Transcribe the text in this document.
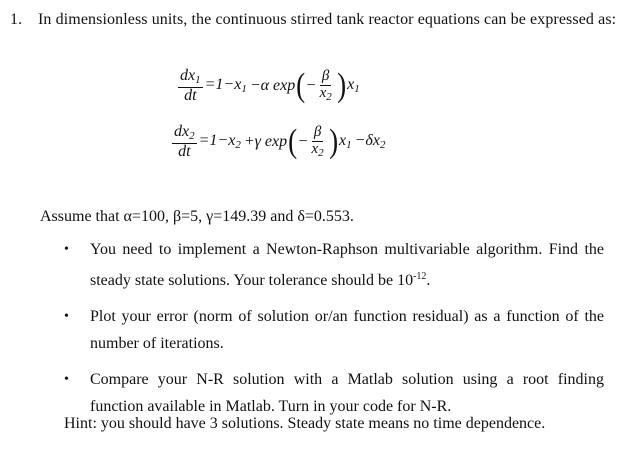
1.	In dimensionless units, the continuous stirred tank reactor equations can be expressed as:
$\frac{dx_1}{dt} =1-x_1 -\alpha$ exp ( − $\frac{\beta}{x_2}$ ) $x_1$
$\frac{dx_2}{dt} =1-x_2 +\gamma$ exp ( − $\frac{\beta}{x_2}$ ) $x_1 -\delta x_2$
Assume that α=100, β=5, γ=149.39 and δ=0.553.
• You need to implement a Newton-Raphson multivariable algorithm. Find the steady state solutions. Your tolerance should be $10^{-12}$.
• Plot your error (norm of solution or/an function residual) as a function of the number of iterations.
• Compare your N-R solution with a Matlab solution using a root finding function available in Matlab. Turn in your code for N-R.
Hint: you should have 3 solutions. Steady state means no time dependence.
